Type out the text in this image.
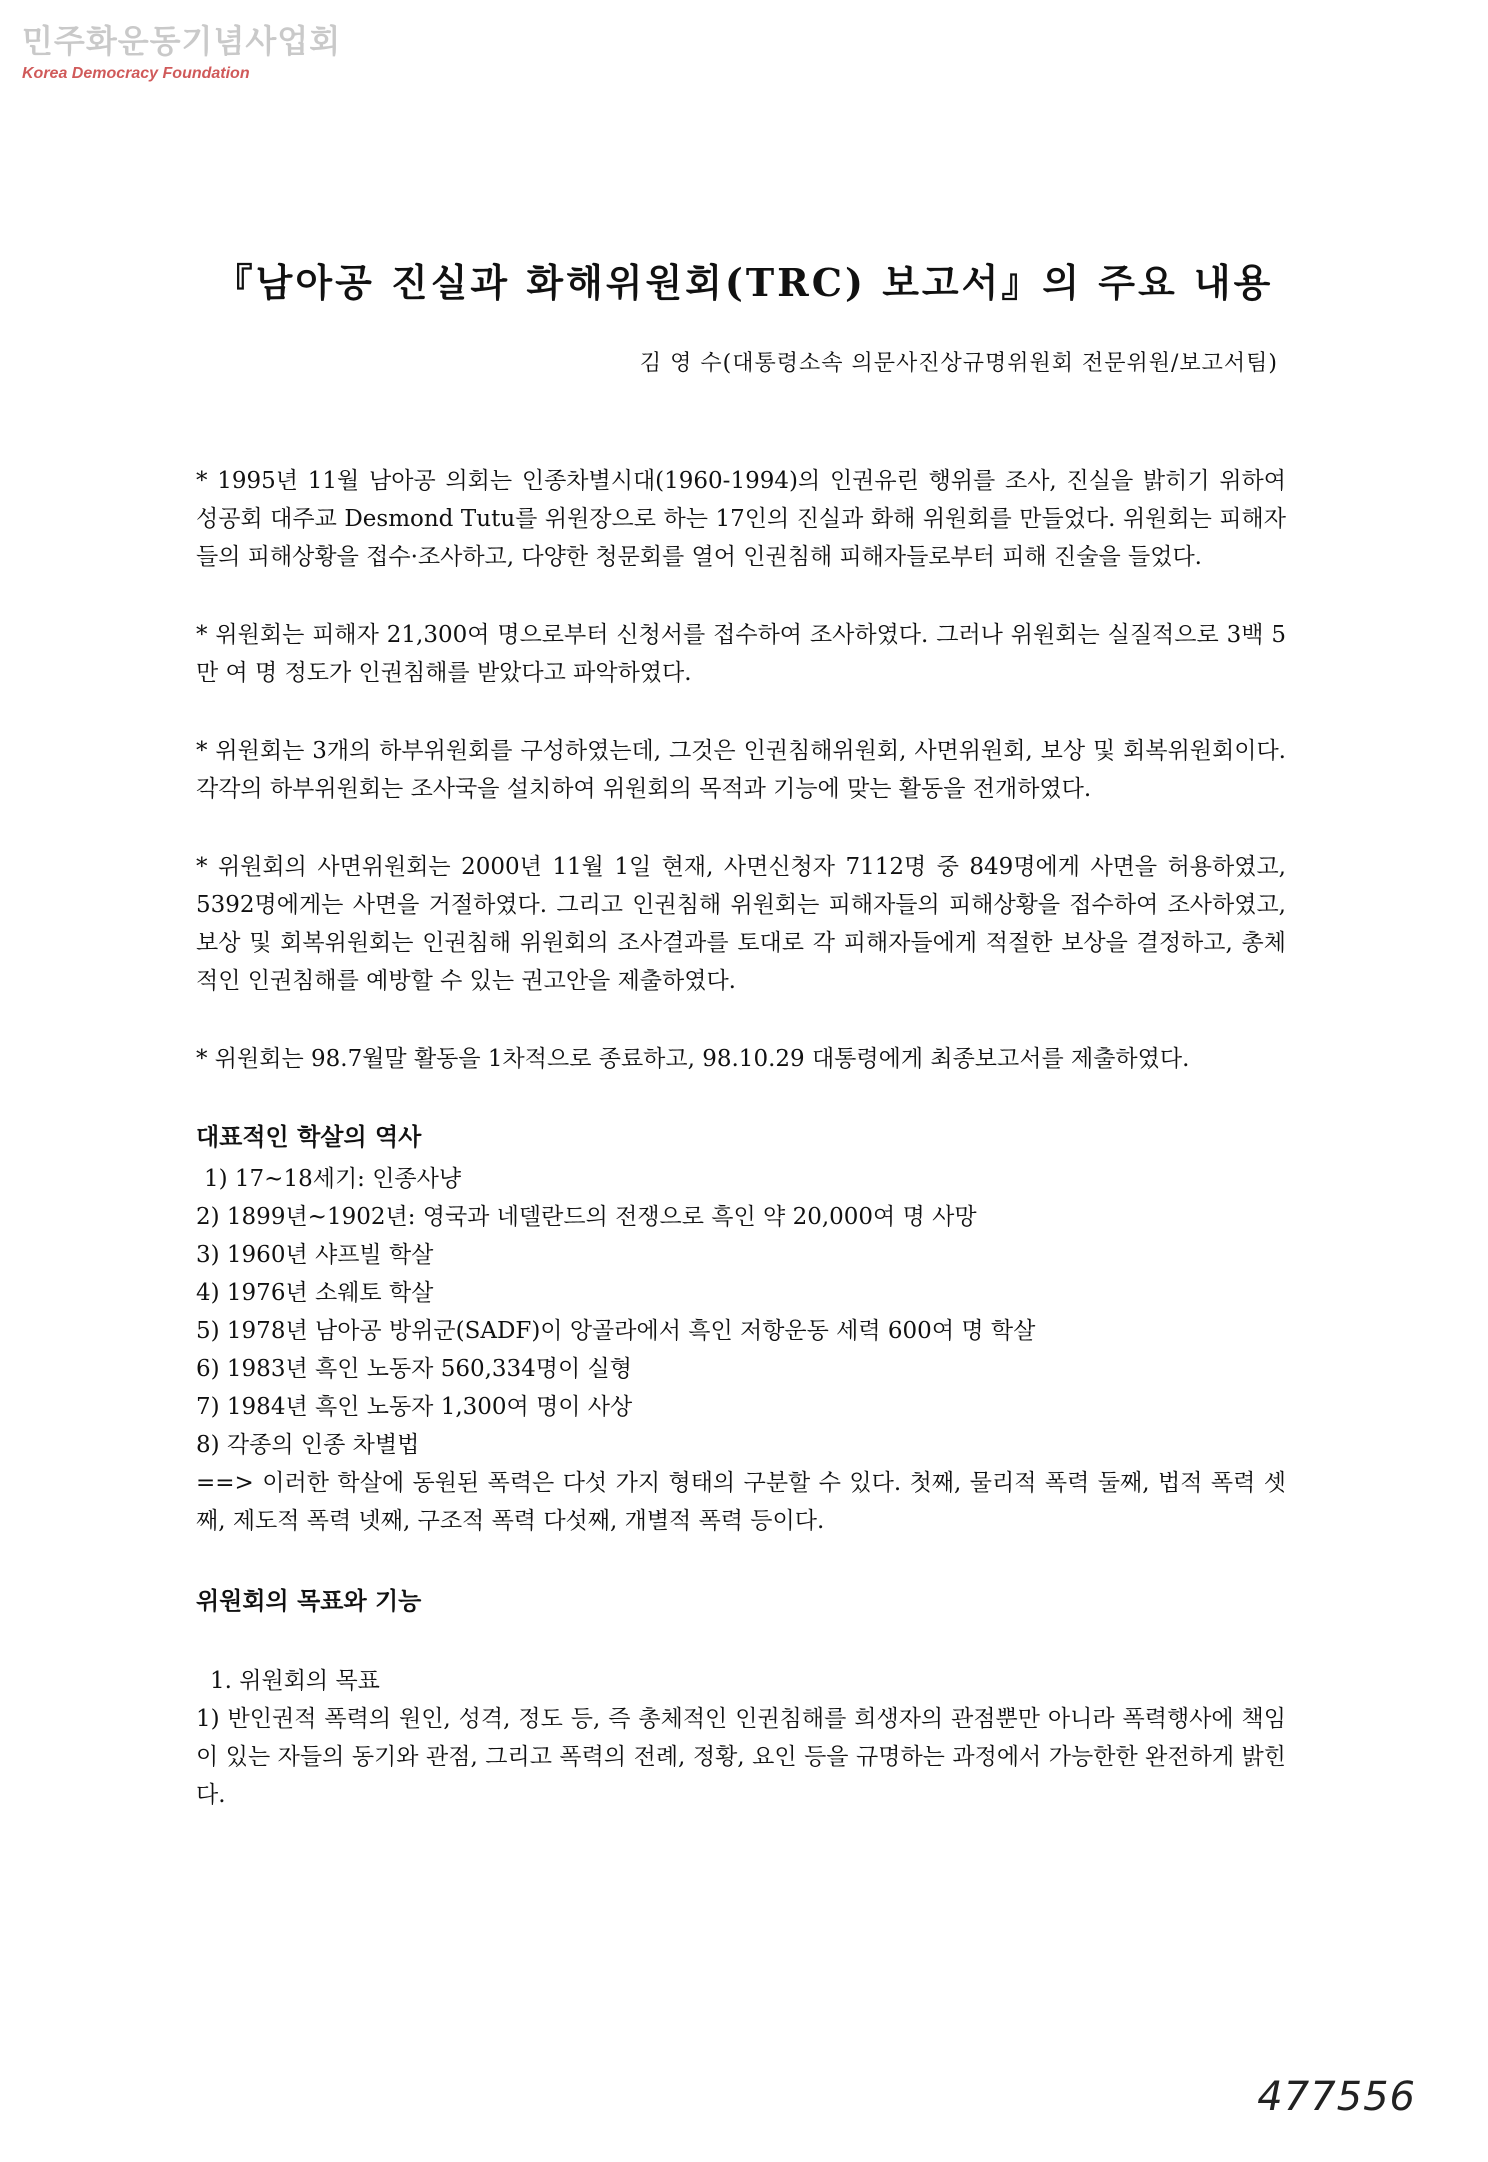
민주화운동기념사업회
Korea Democracy Foundation
『남아공 진실과 화해위원회(TRC) 보고서』의 주요 내용
김 영 수(대통령소속 의문사진상규명위원회 전문위원/보고서팀)

* 1995년 11월 남아공 의회는 인종차별시대(1960-1994)의 인권유린 행위를 조사, 진실을 밝히기 위하여 성공회 대주교 Desmond Tutu를 위원장으로 하는 17인의 진실과 화해 위원회를 만들었다. 위원회는 피해자들의 피해상황을 접수·조사하고, 다양한 청문회를 열어 인권침해 피해자들로부터 피해 진술을 들었다.

* 위원회는 피해자 21,300여 명으로부터 신청서를 접수하여 조사하였다. 그러나 위원회는 실질적으로 3백 5만 여 명 정도가 인권침해를 받았다고 파악하였다.

* 위원회는 3개의 하부위원회를 구성하였는데, 그것은 인권침해위원회, 사면위원회, 보상 및 회복위원회이다. 각각의 하부위원회는 조사국을 설치하여 위원회의 목적과 기능에 맞는 활동을 전개하였다.

* 위원회의 사면위원회는 2000년 11월 1일 현재, 사면신청자 7112명 중 849명에게 사면을 허용하였고, 5392명에게는 사면을 거절하였다. 그리고 인권침해 위원회는 피해자들의 피해상황을 접수하여 조사하였고, 보상 및 회복위원회는 인권침해 위원회의 조사결과를 토대로 각 피해자들에게 적절한 보상을 결정하고, 총체적인 인권침해를 예방할 수 있는 권고안을 제출하였다.

* 위원회는 98.7월말 활동을 1차적으로 종료하고, 98.10.29 대통령에게 최종보고서를 제출하였다.

대표적인 학살의 역사
1) 17~18세기: 인종사냥
2) 1899년~1902년: 영국과 네델란드의 전쟁으로 흑인 약 20,000여 명 사망
3) 1960년 샤프빌 학살
4) 1976년 소웨토 학살
5) 1978년 남아공 방위군(SADF)이 앙골라에서 흑인 저항운동 세력 600여 명 학살
6) 1983년 흑인 노동자 560,334명이 실형
7) 1984년 흑인 노동자 1,300여 명이 사상
8) 각종의 인종 차별법

==> 이러한 학살에 동원된 폭력은 다섯 가지 형태의 구분할 수 있다. 첫째, 물리적 폭력 둘째, 법적 폭력 셋째, 제도적 폭력 넷째, 구조적 폭력 다섯째, 개별적 폭력 등이다.

위원회의 목표와 기능
1. 위원회의 목표
1) 반인권적 폭력의 원인, 성격, 정도 등, 즉 총체적인 인권침해를 희생자의 관점뿐만 아니라 폭력행사에 책임이 있는 자들의 동기와 관점, 그리고 폭력의 전례, 정황, 요인 등을 규명하는 과정에서 가능한한 완전하게 밝힌다.
477556
